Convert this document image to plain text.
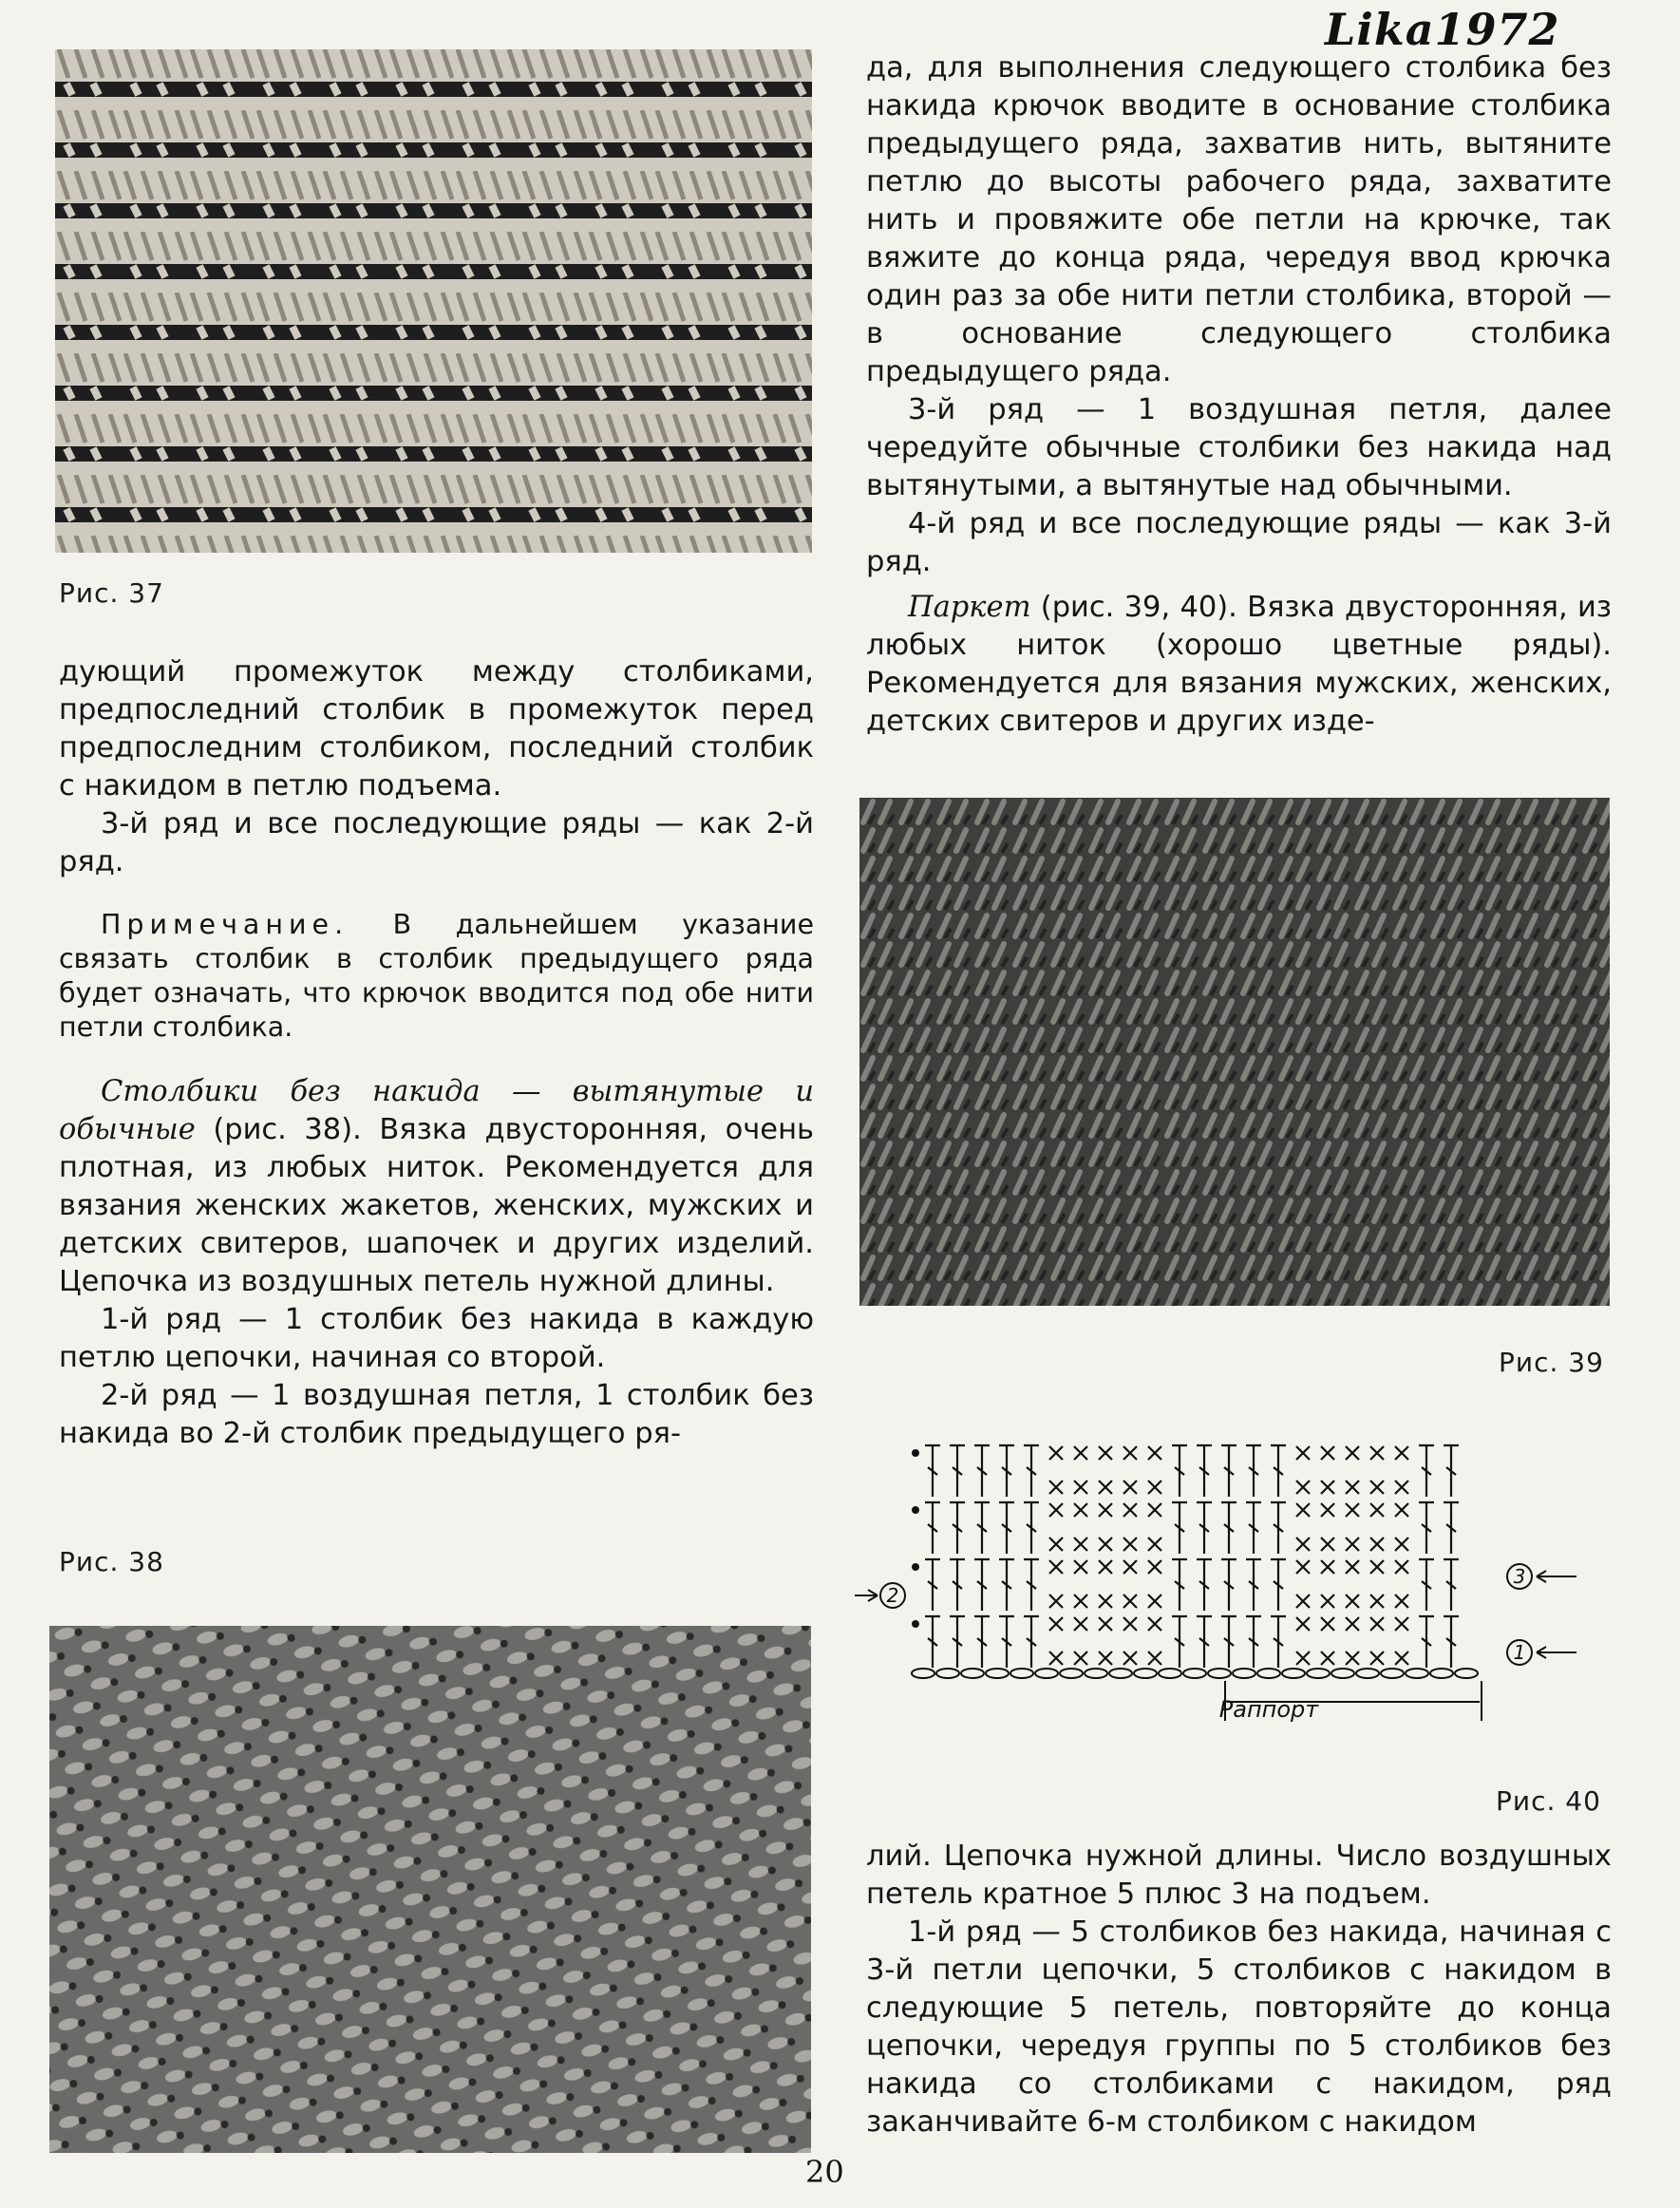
Lika1972
Рис. 37

дующий промежуток между столбиками, предпоследний столбик в промежуток перед предпоследним столбиком, последний столбик с накидом в петлю подъема.

3-й ряд и все последующие ряды — как 2-й ряд.

Примечание. В дальнейшем указание связать столбик в столбик предыдущего ряда будет означать, что крючок вводится под обе нити петли столбика.

Столбики без накида — вытянутые и обычные (рис. 38). Вязка двусторонняя, очень плотная, из любых ниток. Рекомендуется для вязания женских жакетов, женских, мужских и детских свитеров, шапочек и других изделий. Цепочка из воздушных петель нужной длины.

1-й ряд — 1 столбик без накида в каждую петлю цепочки, начиная со второй.

2-й ряд — 1 воздушная петля, 1 столбик без накида во 2-й столбик предыдущего ря-

Рис. 38

да, для выполнения следующего столбика без накида крючок вводите в основание столбика предыдущего ряда, захватив нить, вытяните петлю до высоты рабочего ряда, захватите нить и провяжите обе петли на крючке, так вяжите до конца ряда, чередуя ввод крючка один раз за обе нити петли столбика, второй — в основание следующего столбика предыдущего ряда.

3-й ряд — 1 воздушная петля, далее чередуйте обычные столбики без накида над вытянутыми, а вытянутые над обычными.

4-й ряд и все последующие ряды — как 3-й ряд.

Паркет (рис. 39, 40). Вязка двусторонняя, из любых ниток (хорошо цветные ряды). Рекомендуется для вязания мужских, женских, детских свитеров и других изде-

Рис. 39
1
2
3
Раппорт
Рис. 40

лий. Цепочка нужной длины. Число воздушных петель кратное 5 плюс 3 на подъем.

1-й ряд — 5 столбиков без накида, начиная с 3-й петли цепочки, 5 столбиков с накидом в следующие 5 петель, повторяйте до конца цепочки, чередуя группы по 5 столбиков без накида со столбиками с накидом, ряд заканчивайте 6-м столбиком с накидом

20
